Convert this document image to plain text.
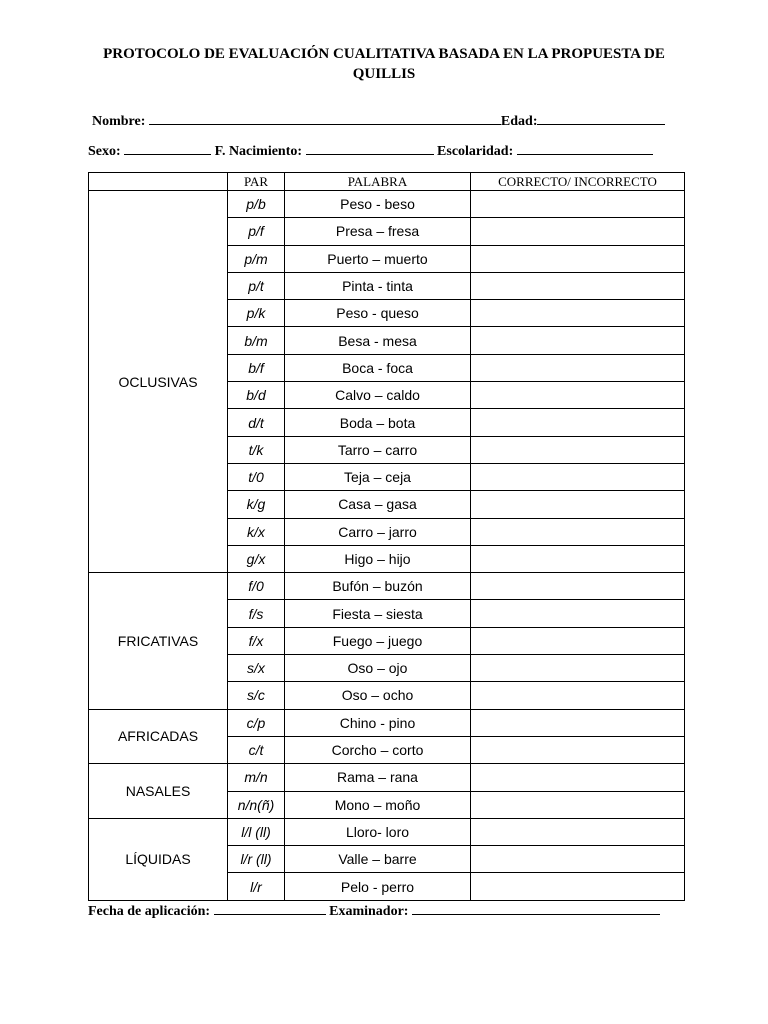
PROTOCOLO DE EVALUACIÓN CUALITATIVA BASADA EN LA PROPUESTA DE
QUILLIS
Nombre:	Edad:
Sexo:	F. Nacimiento:	Escolaridad:
	PAR	PALABRA	CORRECTO/ INCORRECTO
OCLUSIVAS	p/b	Peso - beso	
	p/f	Presa – fresa	
	p/m	Puerto – muerto	
	p/t	Pinta - tinta	
	p/k	Peso - queso	
	b/m	Besa - mesa	
	b/f	Boca - foca	
	b/d	Calvo – caldo	
	d/t	Boda – bota	
	t/k	Tarro – carro	
	t/0	Teja – ceja	
	k/g	Casa – gasa	
	k/x	Carro – jarro	
	g/x	Higo – hijo	
FRICATIVAS	f/0	Bufón – buzón	
	f/s	Fiesta – siesta	
	f/x	Fuego – juego	
	s/x	Oso – ojo	
	s/c	Oso – ocho	
AFRICADAS	c/p	Chino - pino	
	c/t	Corcho – corto	
NASALES	m/n	Rama – rana	
	n/n(ñ)	Mono – moño	
LÍQUIDAS	l/l (ll)	Lloro- loro	
	l/r (ll)	Valle – barre	
	l/r	Pelo - perro	
Fecha de aplicación:	Examinador:
